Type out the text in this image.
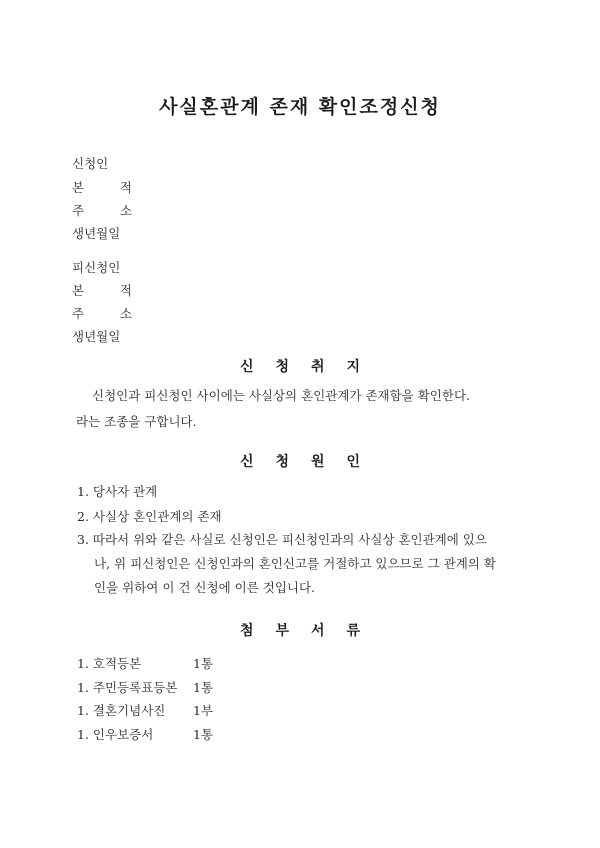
사실혼관계 존재 확인조정신청
신청인
본 적
주 소
생년월일
피신청인
본 적
주 소
생년월일
신청취지
신청인과 피신청인 사이에는 사실상의 혼인관계가 존재함을 확인한다.
라는 조종을 구합니다.
신청원인
1. 당사자 관계
2. 사실상 혼인관계의 존재
3. 따라서 위와 같은 사실로 신청인은 피신청인과의 사실상 혼인관계에 있으
나, 위 피신청인은 신청인과의 혼인신고를 거절하고 있으므로 그 관계의 확
인을 위하여 이 건 신청에 이른 것입니다.
첨부서류
1. 호적등본	1통
1. 주민등록표등본 1통
1. 결혼기념사진 1부
1. 인우보증서	1통
